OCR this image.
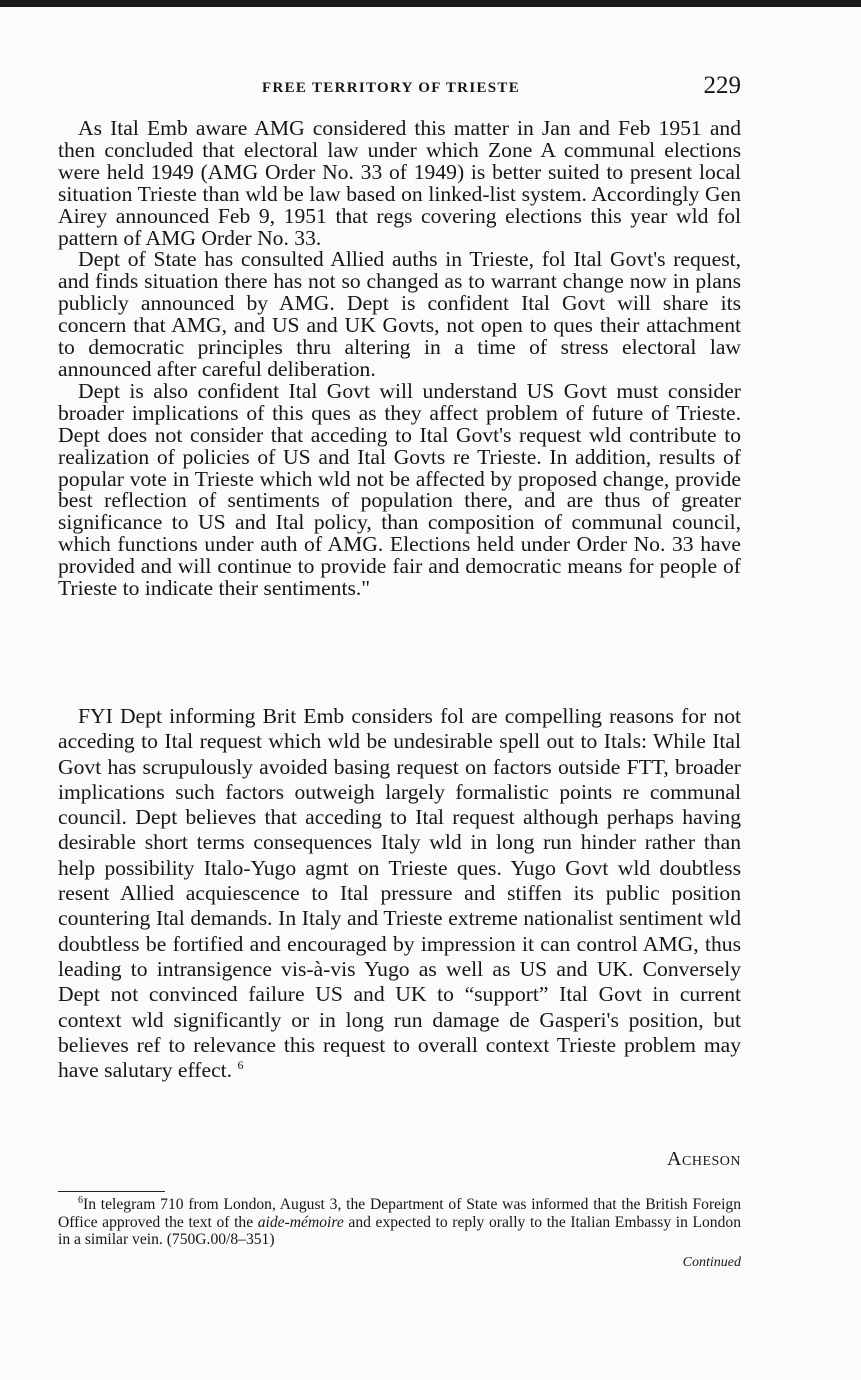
FREE TERRITORY OF TRIESTE	229

As Ital Emb aware AMG considered this matter in Jan and Feb 1951 and then concluded that electoral law under which Zone A communal elections were held 1949 (AMG Order No. 33 of 1949) is better suited to present local situation Trieste than wld be law based on linked-list system. Accordingly Gen Airey announced Feb 9, 1951 that regs covering elections this year wld fol pattern of AMG Order No. 33.

Dept of State has consulted Allied auths in Trieste, fol Ital Govt's request, and finds situation there has not so changed as to warrant change now in plans publicly announced by AMG. Dept is confident Ital Govt will share its concern that AMG, and US and UK Govts, not open to ques their attachment to democratic principles thru altering in a time of stress electoral law announced after careful deliberation.

Dept is also confident Ital Govt will understand US Govt must consider broader implications of this ques as they affect problem of future of Trieste. Dept does not consider that acceding to Ital Govt's request wld contribute to realization of policies of US and Ital Govts re Trieste. In addition, results of popular vote in Trieste which wld not be affected by proposed change, provide best reflection of sentiments of population there, and are thus of greater significance to US and Ital policy, than composition of communal council, which functions under auth of AMG. Elections held under Order No. 33 have provided and will continue to provide fair and democratic means for people of Trieste to indicate their sentiments."

FYI Dept informing Brit Emb considers fol are compelling reasons for not acceding to Ital request which wld be undesirable spell out to Itals: While Ital Govt has scrupulously avoided basing request on factors outside FTT, broader implications such factors outweigh largely formalistic points re communal council. Dept believes that acceding to Ital request although perhaps having desirable short terms consequences Italy wld in long run hinder rather than help possibility Italo-Yugo agmt on Trieste ques. Yugo Govt wld doubtless resent Allied acquiescence to Ital pressure and stiffen its public position countering Ital demands. In Italy and Trieste extreme nationalist sentiment wld doubtless be fortified and encouraged by impression it can control AMG, thus leading to intransigence vis-à-vis Yugo as well as US and UK. Conversely Dept not convinced failure US and UK to “support” Ital Govt in current context wld significantly or in long run damage de Gasperi's position, but believes ref to relevance this request to overall context Trieste problem may have salutary effect. $^6$

Acheson

$^6$In telegram 710 from London, August 3, the Department of State was informed that the British Foreign Office approved the text of the aide-mémoire and expected to reply orally to the Italian Embassy in London in a similar vein. (750G.00/8–351)

Continued
